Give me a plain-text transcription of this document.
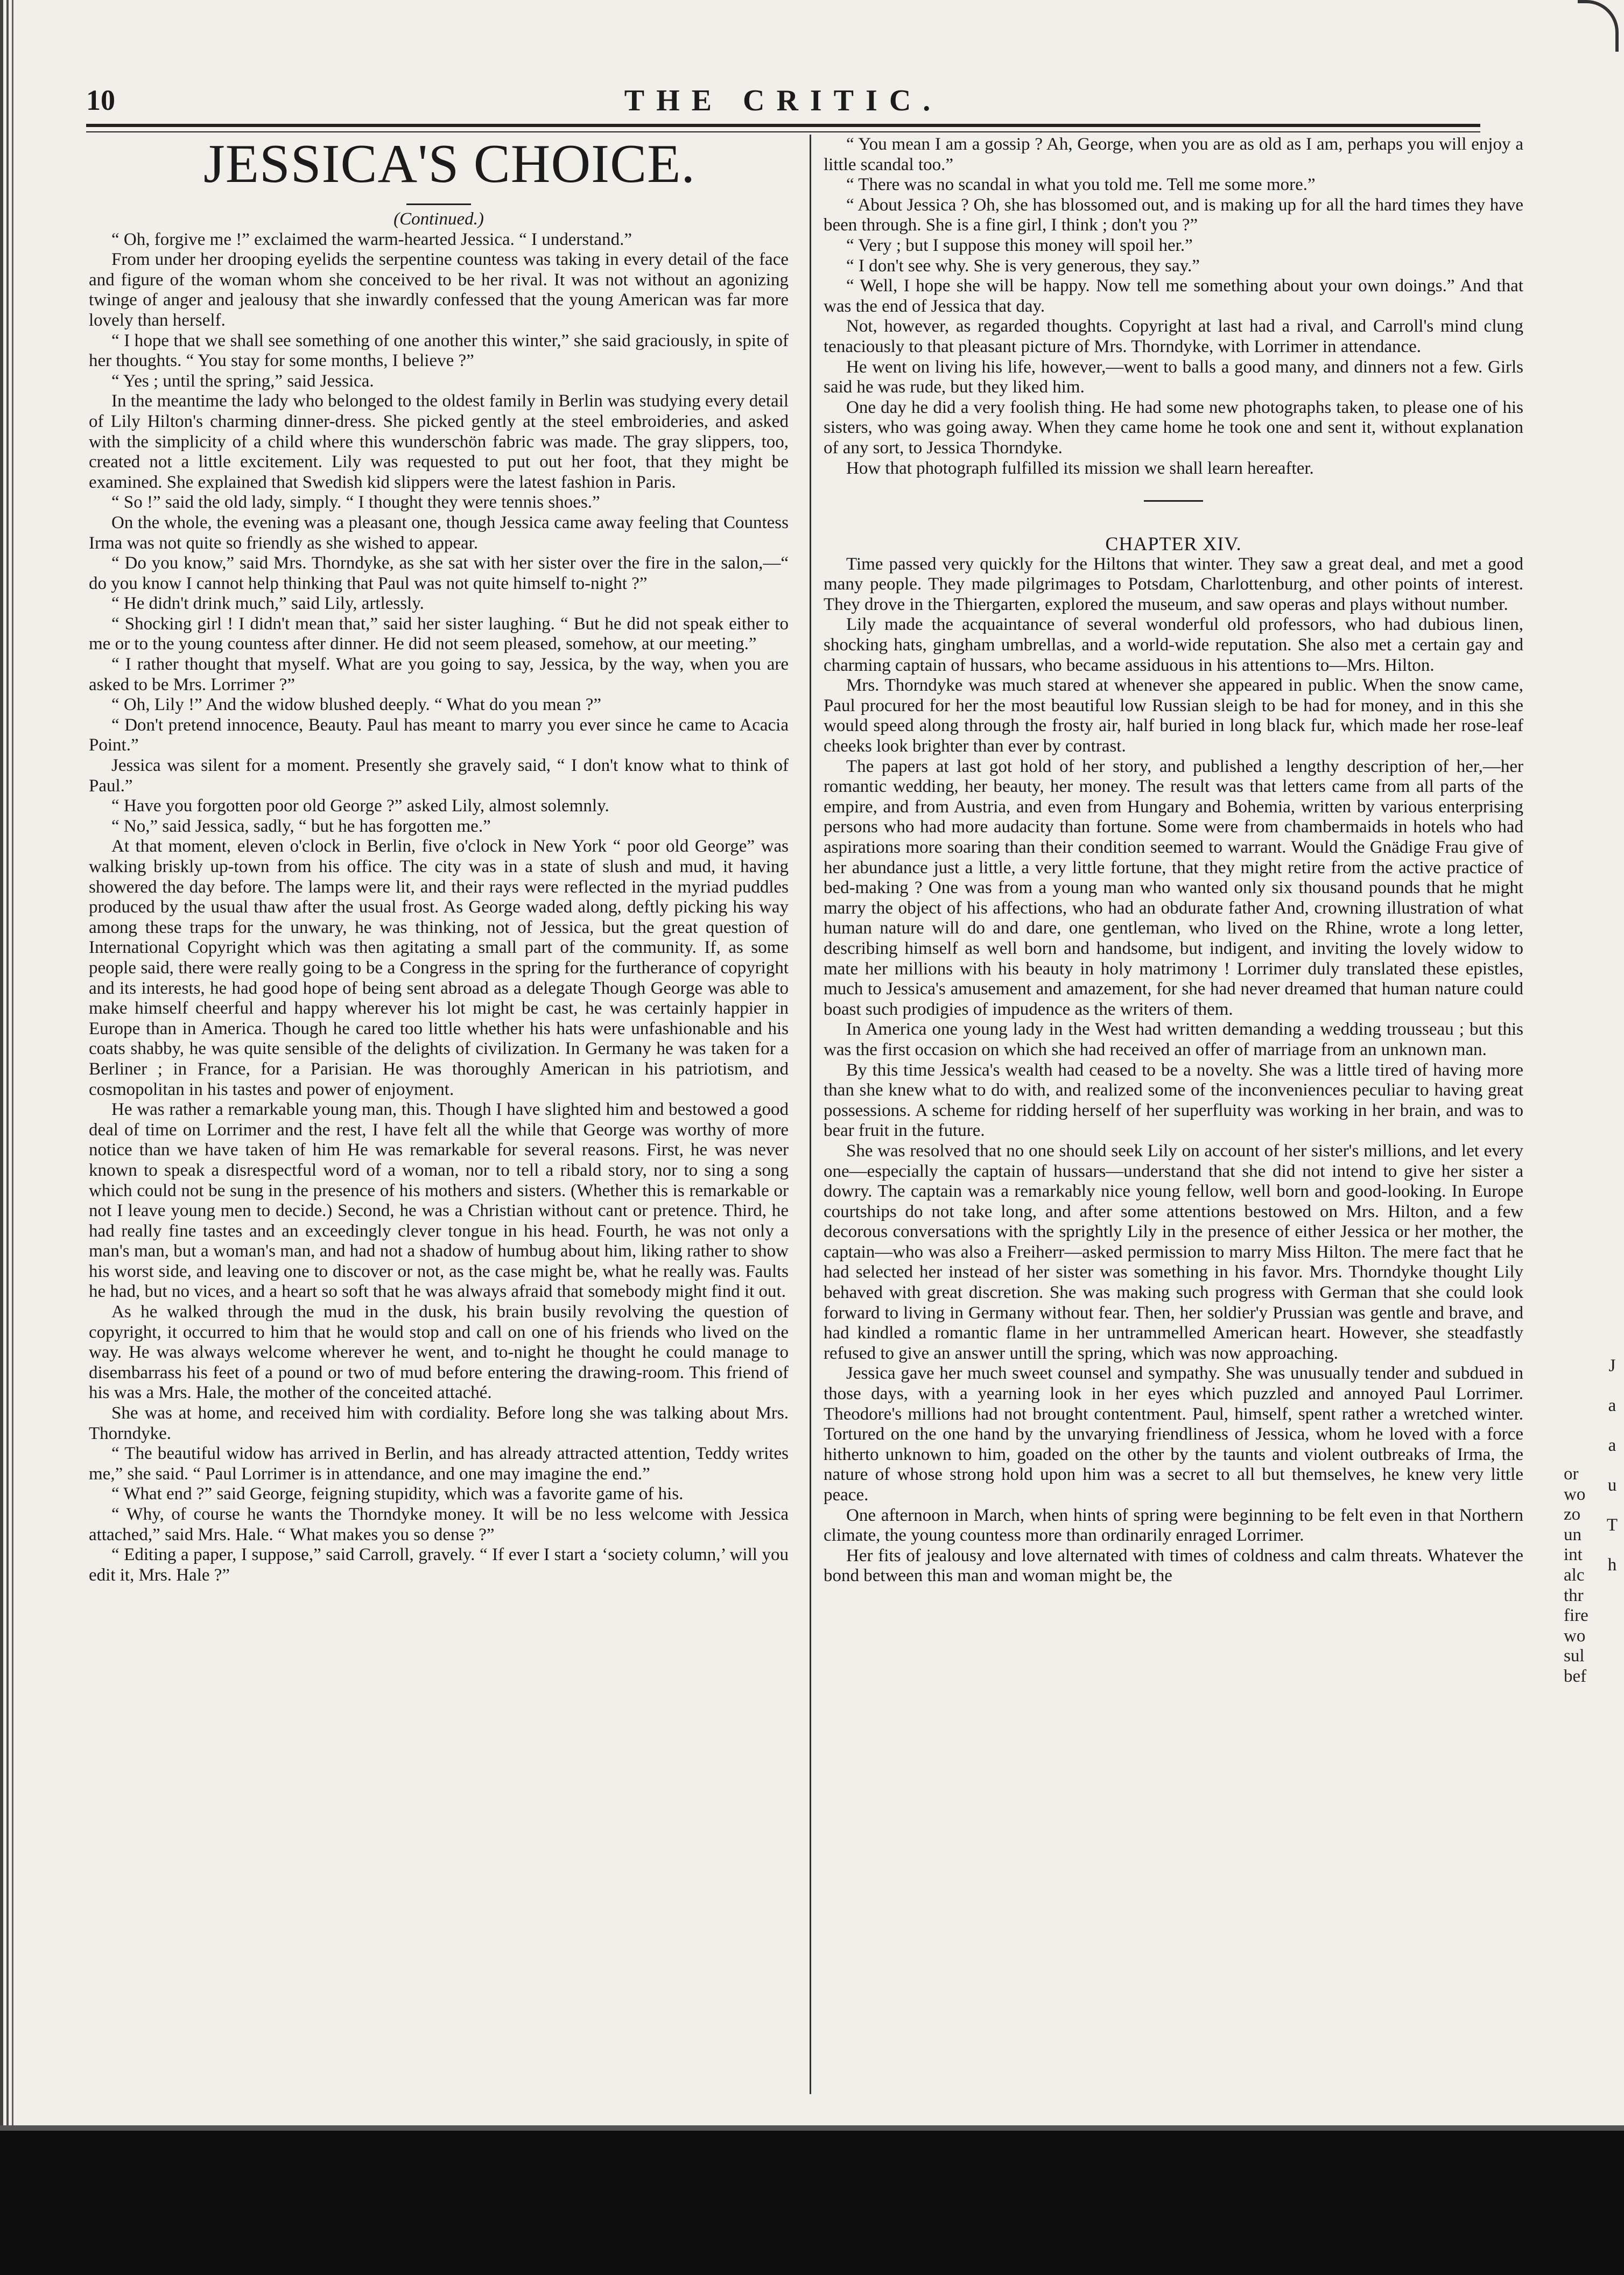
10	THE CRITIC.
JESSICA'S CHOICE.

(Continued.)

“ Oh, forgive me !” exclaimed the warm-hearted Jessica. “ I understand.”

From under her drooping eyelids the serpentine countess was taking in every detail of the face and figure of the woman whom she conceived to be her rival. It was not without an agonizing twinge of anger and jealousy that she inwardly confessed that the young American was far more lovely than herself.

“ I hope that we shall see something of one another this winter,” she said graciously, in spite of her thoughts. “ You stay for some months, I believe ?”

“ Yes ; until the spring,” said Jessica.

In the meantime the lady who belonged to the oldest family in Berlin was studying every detail of Lily Hilton's charming dinner-dress. She picked gently at the steel embroideries, and asked with the simplicity of a child where this wunderschön fabric was made. The gray slippers, too, created not a little excitement. Lily was requested to put out her foot, that they might be examined. She explained that Swedish kid slippers were the latest fashion in Paris.

“ So !” said the old lady, simply. “ I thought they were tennis shoes.”

On the whole, the evening was a pleasant one, though Jessica came away feeling that Countess Irma was not quite so friendly as she wished to appear.

“ Do you know,” said Mrs. Thorndyke, as she sat with her sister over the fire in the salon,—“ do you know I cannot help thinking that Paul was not quite himself to-night ?”

“ He didn't drink much,” said Lily, artlessly.

“ Shocking girl ! I didn't mean that,” said her sister laughing. “ But he did not speak either to me or to the young countess after dinner. He did not seem pleased, somehow, at our meeting.”

“ I rather thought that myself. What are you going to say, Jessica, by the way, when you are asked to be Mrs. Lorrimer ?”

“ Oh, Lily !” And the widow blushed deeply. “ What do you mean ?”

“ Don't pretend innocence, Beauty. Paul has meant to marry you ever since he came to Acacia Point.”

Jessica was silent for a moment. Presently she gravely said, “ I don't know what to think of Paul.”

“ Have you forgotten poor old George ?” asked Lily, almost solemnly.

“ No,” said Jessica, sadly, “ but he has forgotten me.”

At that moment, eleven o'clock in Berlin, five o'clock in New York “ poor old George” was walking briskly up-town from his office. The city was in a state of slush and mud, it having showered the day before. The lamps were lit, and their rays were reflected in the myriad puddles produced by the usual thaw after the usual frost. As George waded along, deftly picking his way among these traps for the unwary, he was thinking, not of Jessica, but the great question of International Copyright which was then agitating a small part of the community. If, as some people said, there were really going to be a Congress in the spring for the furtherance of copyright and its interests, he had good hope of being sent abroad as a delegate Though George was able to make himself cheerful and happy wherever his lot might be cast, he was certainly happier in Europe than in America. Though he cared too little whether his hats were unfashionable and his coats shabby, he was quite sensible of the delights of civilization. In Germany he was taken for a Berliner ; in France, for a Parisian. He was thoroughly American in his patriotism, and cosmopolitan in his tastes and power of enjoyment.

He was rather a remarkable young man, this. Though I have slighted him and bestowed a good deal of time on Lorrimer and the rest, I have felt all the while that George was worthy of more notice than we have taken of him He was remarkable for several reasons. First, he was never known to speak a disrespectful word of a woman, nor to tell a ribald story, nor to sing a song which could not be sung in the presence of his mothers and sisters. (Whether this is remarkable or not I leave young men to decide.) Second, he was a Christian without cant or pretence. Third, he had really fine tastes and an exceedingly clever tongue in his head. Fourth, he was not only a man's man, but a woman's man, and had not a shadow of humbug about him, liking rather to show his worst side, and leaving one to discover or not, as the case might be, what he really was. Faults he had, but no vices, and a heart so soft that he was always afraid that somebody might find it out.

As he walked through the mud in the dusk, his brain busily revolving the question of copyright, it occurred to him that he would stop and call on one of his friends who lived on the way. He was always welcome wherever he went, and to-night he thought he could manage to disembarrass his feet of a pound or two of mud before entering the drawing-room. This friend of his was a Mrs. Hale, the mother of the conceited attaché.

She was at home, and received him with cordiality. Before long she was talking about Mrs. Thorndyke.

“ The beautiful widow has arrived in Berlin, and has already attracted attention, Teddy writes me,” she said. “ Paul Lorrimer is in attendance, and one may imagine the end.”

“ What end ?” said George, feigning stupidity, which was a favorite game of his.

“ Why, of course he wants the Thorndyke money. It will be no less welcome with Jessica attached,” said Mrs. Hale. “ What makes you so dense ?”

“ Editing a paper, I suppose,” said Carroll, gravely. “ If ever I start a ‘society column,’ will you edit it, Mrs. Hale ?”

“ You mean I am a gossip ? Ah, George, when you are as old as I am, perhaps you will enjoy a little scandal too.”

“ There was no scandal in what you told me. Tell me some more.”

“ About Jessica ? Oh, she has blossomed out, and is making up for all the hard times they have been through. She is a fine girl, I think ; don't you ?”

“ Very ; but I suppose this money will spoil her.”

“ I don't see why. She is very generous, they say.”

“ Well, I hope she will be happy. Now tell me something about your own doings.” And that was the end of Jessica that day.

Not, however, as regarded thoughts. Copyright at last had a rival, and Carroll's mind clung tenaciously to that pleasant picture of Mrs. Thorndyke, with Lorrimer in attendance.

He went on living his life, however,—went to balls a good many, and dinners not a few. Girls said he was rude, but they liked him.

One day he did a very foolish thing. He had some new photographs taken, to please one of his sisters, who was going away. When they came home he took one and sent it, without explanation of any sort, to Jessica Thorndyke.

How that photograph fulfilled its mission we shall learn hereafter.

CHAPTER XIV.

Time passed very quickly for the Hiltons that winter. They saw a great deal, and met a good many people. They made pilgrimages to Potsdam, Charlottenburg, and other points of interest. They drove in the Thiergarten, explored the museum, and saw operas and plays without number.

Lily made the acquaintance of several wonderful old professors, who had dubious linen, shocking hats, gingham umbrellas, and a world-wide reputation. She also met a certain gay and charming captain of hussars, who became assiduous in his attentions to—Mrs. Hilton.

Mrs. Thorndyke was much stared at whenever she appeared in public. When the snow came, Paul procured for her the most beautiful low Russian sleigh to be had for money, and in this she would speed along through the frosty air, half buried in long black fur, which made her rose-leaf cheeks look brighter than ever by contrast.

The papers at last got hold of her story, and published a lengthy description of her,—her romantic wedding, her beauty, her money. The result was that letters came from all parts of the empire, and from Austria, and even from Hungary and Bohemia, written by various enterprising persons who had more audacity than fortune. Some were from chambermaids in hotels who had aspirations more soaring than their condition seemed to warrant. Would the Gnädige Frau give of her abundance just a little, a very little fortune, that they might retire from the active practice of bed-making ? One was from a young man who wanted only six thousand pounds that he might marry the object of his affections, who had an obdurate father And, crowning illustration of what human nature will do and dare, one gentleman, who lived on the Rhine, wrote a long letter, describing himself as well born and handsome, but indigent, and inviting the lovely widow to mate her millions with his beauty in holy matrimony ! Lorrimer duly translated these epistles, much to Jessica's amusement and amazement, for she had never dreamed that human nature could boast such prodigies of impudence as the writers of them.

In America one young lady in the West had written demanding a wedding trousseau ; but this was the first occasion on which she had received an offer of marriage from an unknown man.

By this time Jessica's wealth had ceased to be a novelty. She was a little tired of having more than she knew what to do with, and realized some of the inconveniences peculiar to having great possessions. A scheme for ridding herself of her superfluity was working in her brain, and was to bear fruit in the future.

She was resolved that no one should seek Lily on account of her sister's millions, and let every one—especially the captain of hussars—understand that she did not intend to give her sister a dowry. The captain was a remarkably nice young fellow, well born and good-looking. In Europe courtships do not take long, and after some attentions bestowed on Mrs. Hilton, and a few decorous conversations with the sprightly Lily in the presence of either Jessica or her mother, the captain—who was also a Freiherr—asked permission to marry Miss Hilton. The mere fact that he had selected her instead of her sister was something in his favor. Mrs. Thorndyke thought Lily behaved with great discretion. She was making such progress with German that she could look forward to living in Germany without fear. Then, her soldier'y Prussian was gentle and brave, and had kindled a romantic flame in her untrammelled American heart. However, she steadfastly refused to give an answer untill the spring, which was now approaching.

Jessica gave her much sweet counsel and sympathy. She was unusually tender and subdued in those days, with a yearning look in her eyes which puzzled and annoyed Paul Lorrimer. Theodore's millions had not brought contentment. Paul, himself, spent rather a wretched winter. Tortured on the one hand by the unvarying friendliness of Jessica, whom he loved with a force hitherto unknown to him, goaded on the other by the taunts and violent outbreaks of Irma, the nature of whose strong hold upon him was a secret to all but themselves, he knew very little peace.

One afternoon in March, when hints of spring were beginning to be felt even in that Northern climate, the young countess more than ordinarily enraged Lorrimer.

Her fits of jealousy and love alternated with times of coldness and calm threats. Whatever the bond between this man and woman might be, the

J
a
a
u
T
h
or
wo
zo
un
int
alc
thr
fire
wo
sul
bef
